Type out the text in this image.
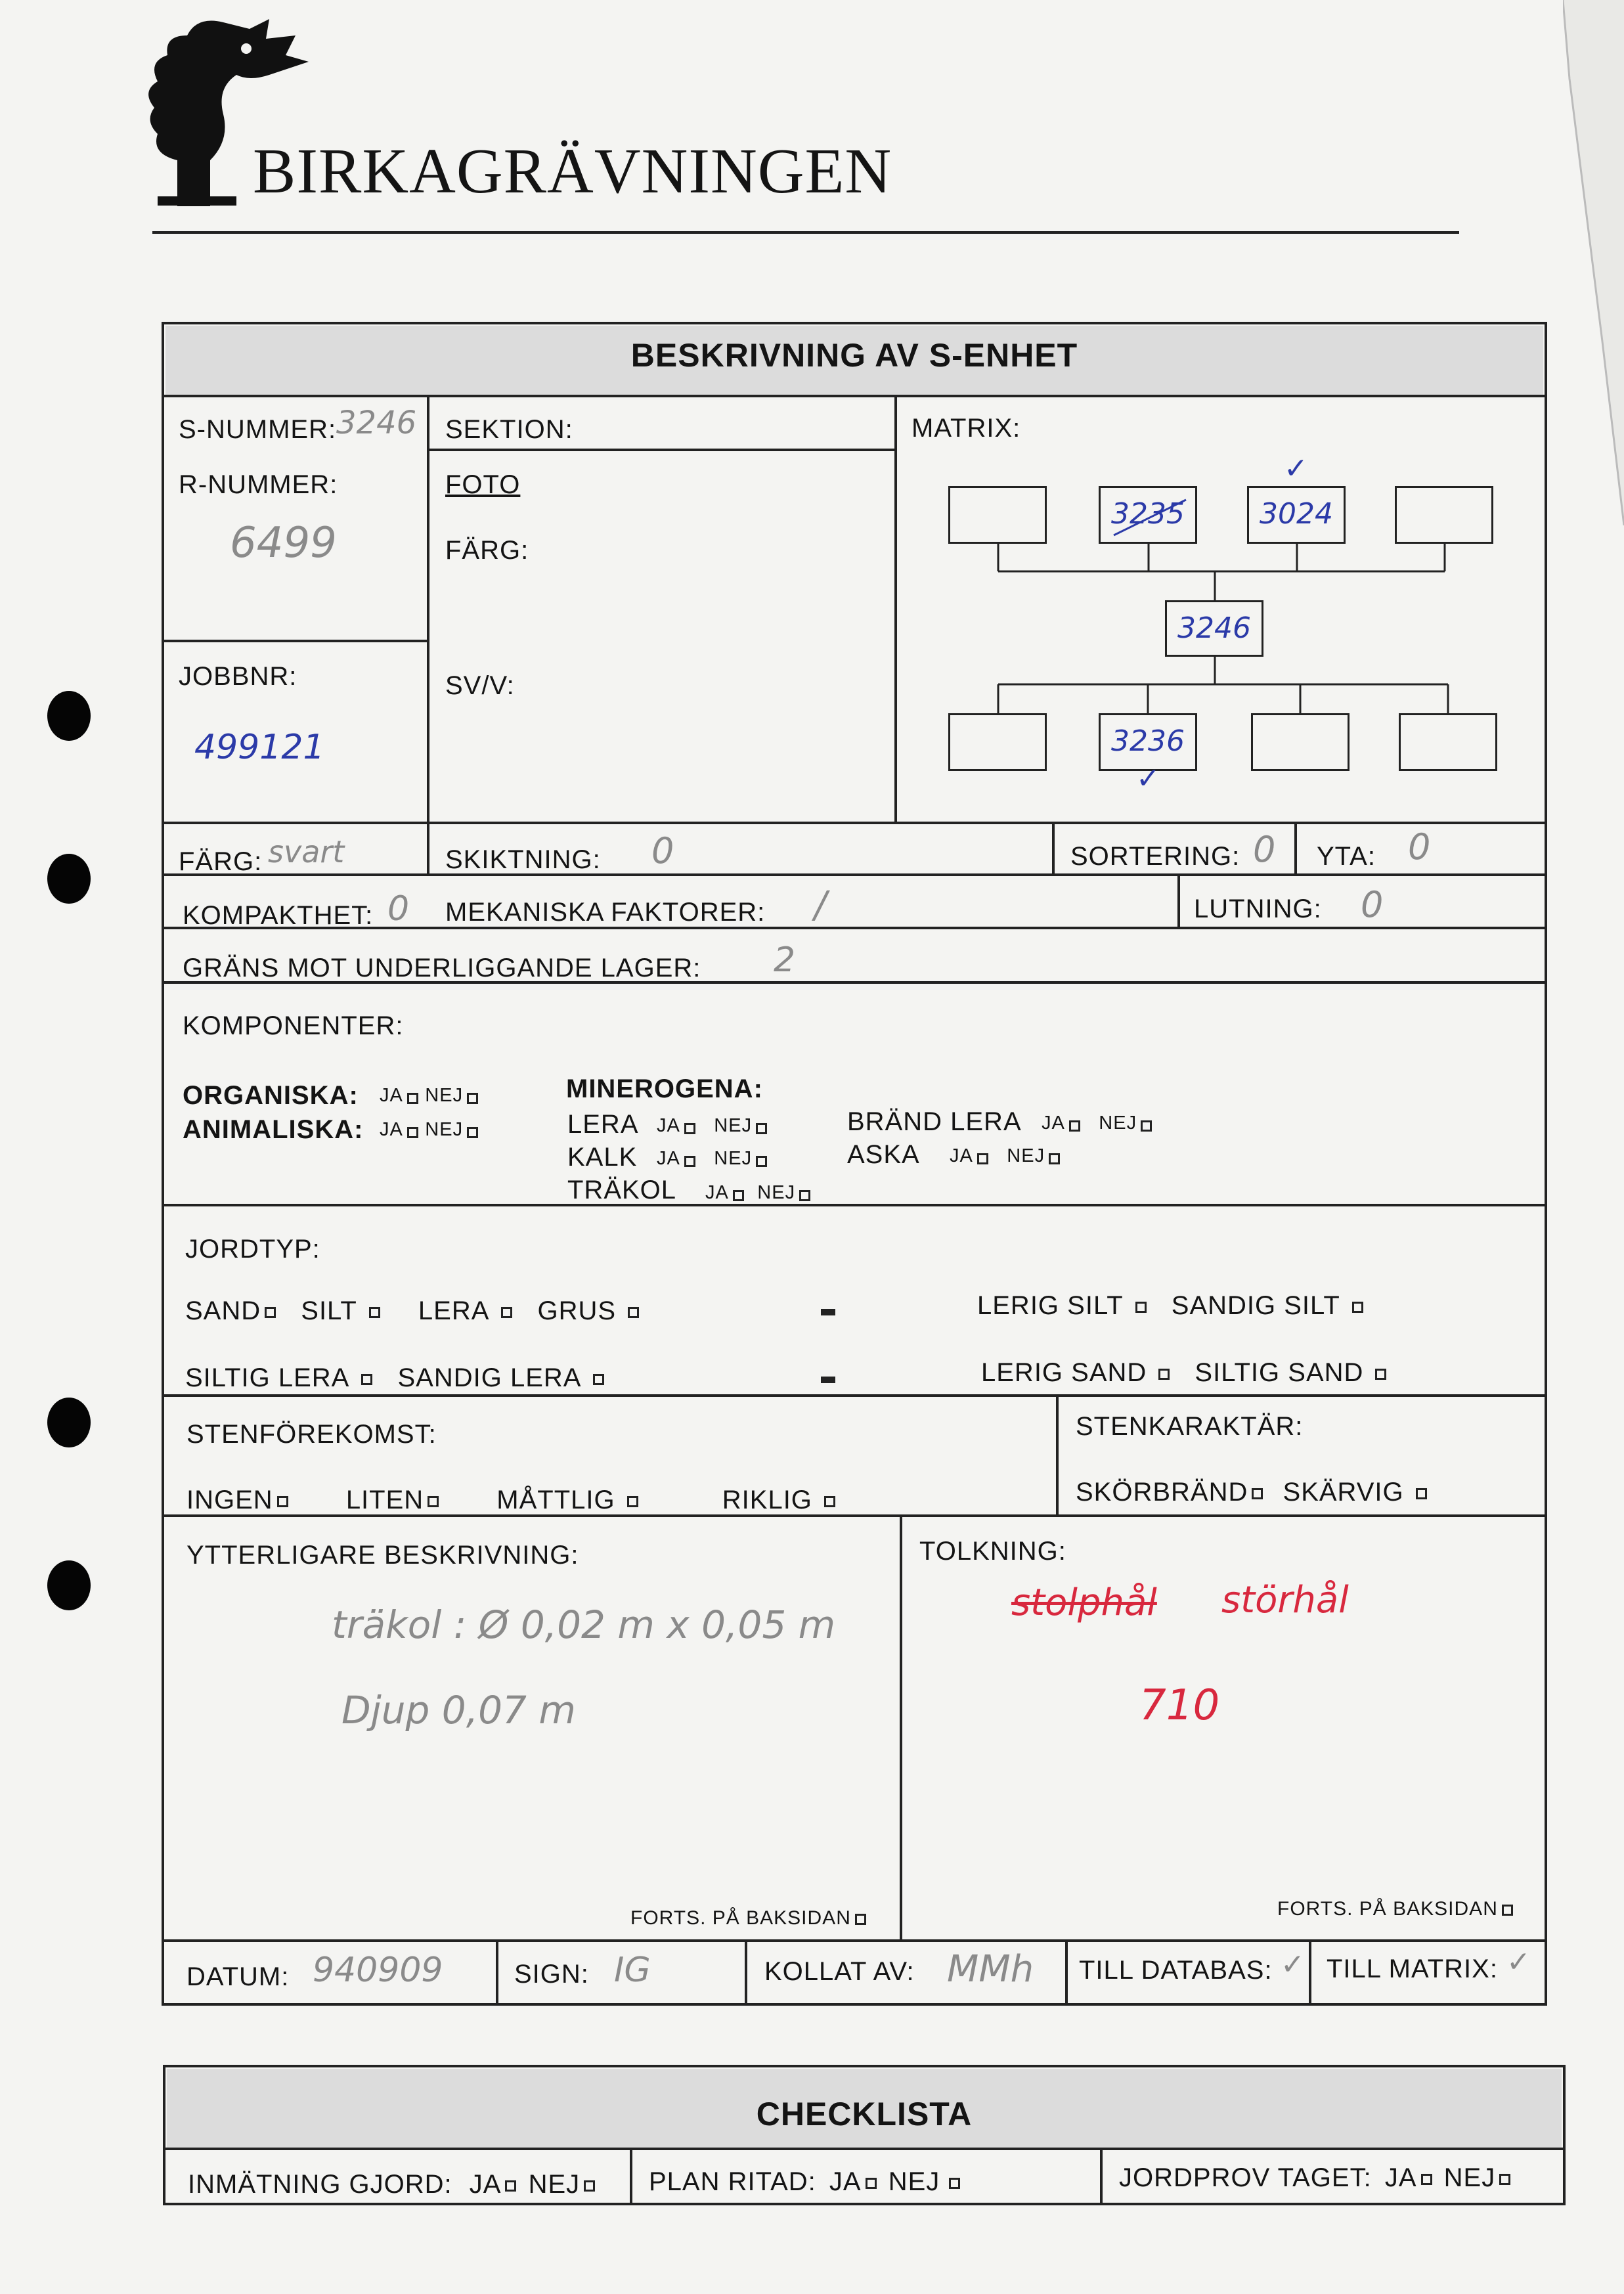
BIRKAGRÄVNINGEN
BESKRIVNING AV S-ENHET
S-NUMMER: 3246
R-NUMMER:
6499
JOBBNR:
499121
SEKTION:
FOTO
FÄRG:
SV/V:
MATRIX:
3235	3024
✓
3246
3236
✓
FÄRG: svart	SKIKTNING: 0	SORTERING: 0 YTA: 0
KOMPAKTHET: 0 MEKANISKA FAKTORER: /	LUTNING: 0
GRÄNS MOT UNDERLIGGANDE LAGER: 2
KOMPONENTER:
ORGANISKA: JA NEJ
ANIMALISKA: JA NEJ
MINEROGENA:
LERA JA NEJ
KALK JA NEJ
TRÄKOL JA NEJ
BRÄND LERA JA NEJ
ASKA JA NEJ
JORDTYP:
SAND SILT LERA GRUS	LERIG SILT SANDIG SILT
SILTIG LERA SANDIG LERA	LERIG SAND SILTIG SAND
STENFÖREKOMST:
INGEN	LITEN	MÅTTLIG	RIKLIG
STENKARAKTÄR:
SKÖRBRÄND SKÄRVIG
YTTERLIGARE BESKRIVNING:
träkol : Ø 0,02 m x 0,05 m
Djup 0,07 m
FORTS. PÅ BAKSIDAN
TOLKNING:
stolphål störhål
710
FORTS. PÅ BAKSIDAN
DATUM: 940909	SIGN: IG	KOLLAT AV: MMh TILL DATABAS: ✓ TILL MATRIX: ✓
CHECKLISTA
INMÄTNING GJORD: JA NEJ	PLAN RITAD: JA NEJ	JORDPROV TAGET: JA NEJ
